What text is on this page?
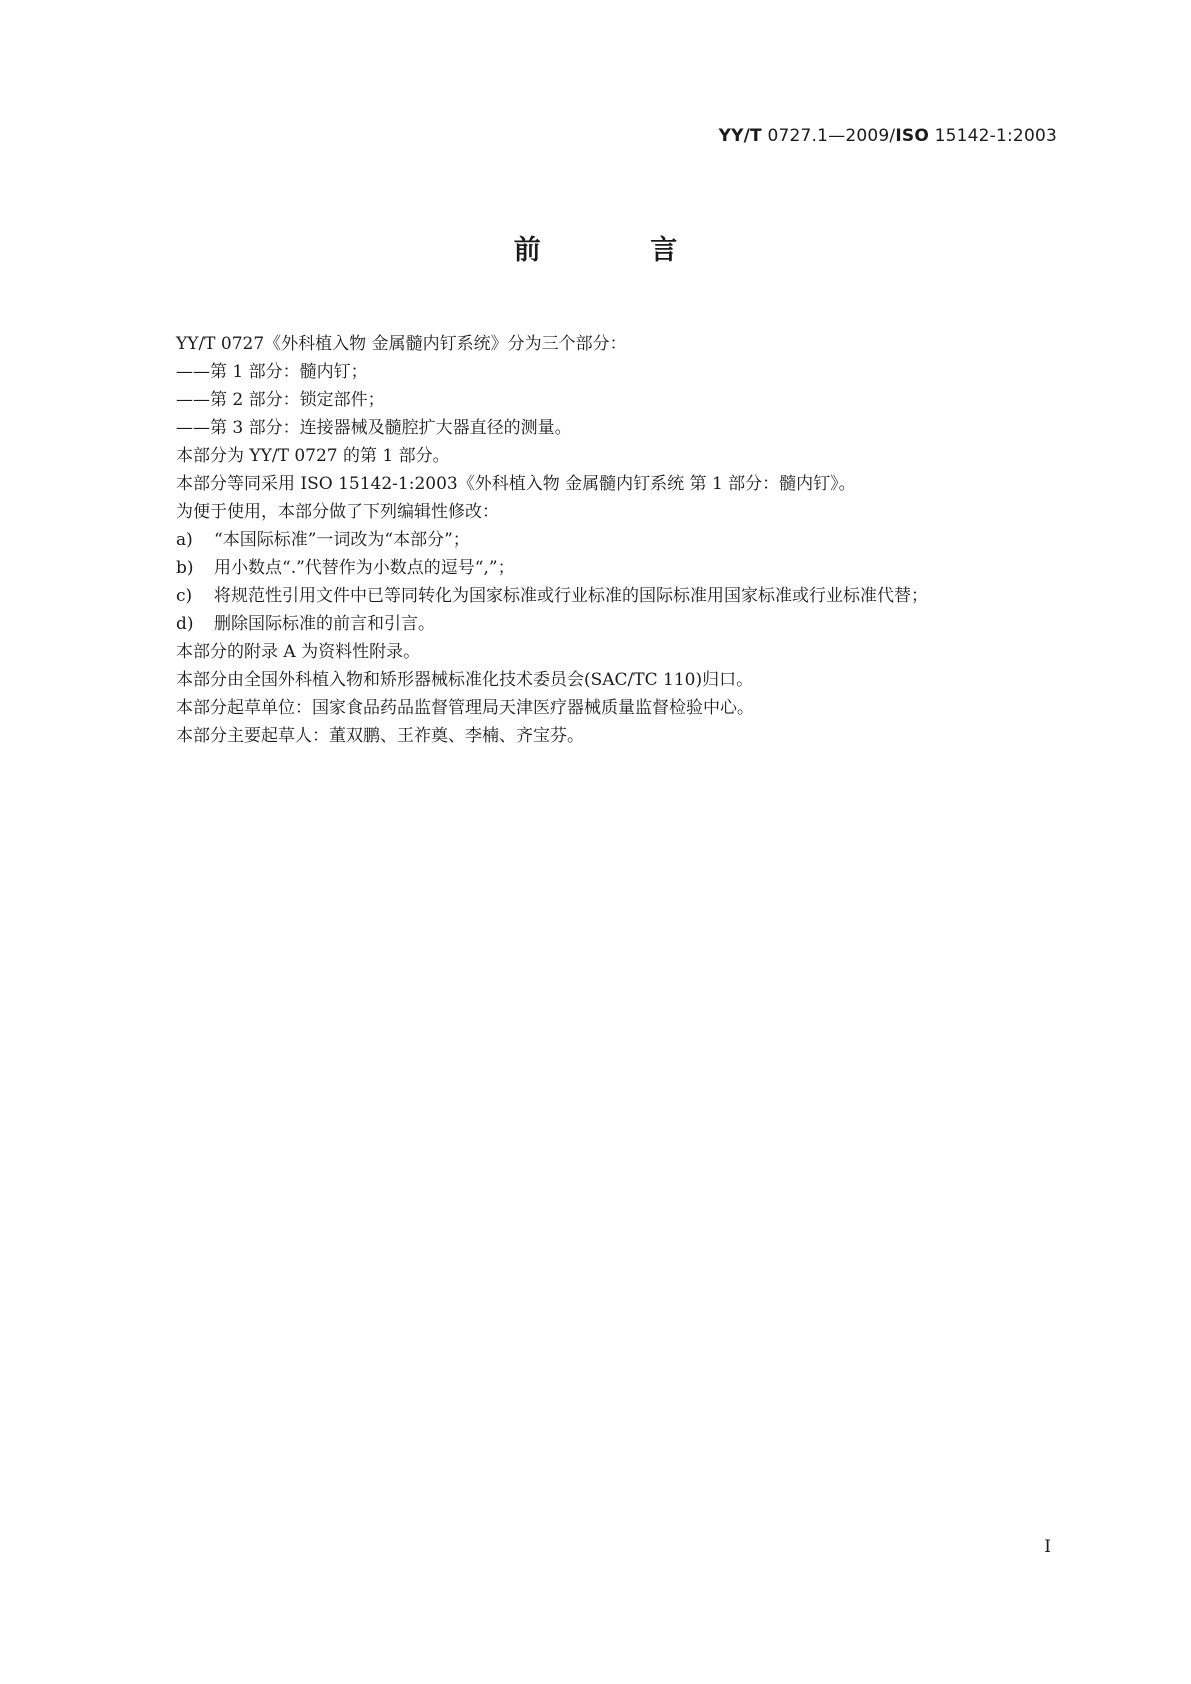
YY/T 0727.1—2009/ISO 15142-1:2003
前 言

YY/T 0727《外科植入物 金属髓内钉系统》分为三个部分：

——第 1 部分：髓内钉；

——第 2 部分：锁定部件；

——第 3 部分：连接器械及髓腔扩大器直径的测量。

本部分为 YY/T 0727 的第 1 部分。

本部分等同采用 ISO 15142-1:2003《外科植入物 金属髓内钉系统 第 1 部分：髓内钉》。

为便于使用，本部分做了下列编辑性修改：

a)	“本国际标准”一词改为“本部分”；
b)	用小数点“.”代替作为小数点的逗号“,”；
c)	将规范性引用文件中已等同转化为国家标准或行业标准的国际标准用国家标准或行业标准代替；
d)	删除国际标准的前言和引言。

本部分的附录 A 为资料性附录。

本部分由全国外科植入物和矫形器械标准化技术委员会(SAC/TC 110)归口。

本部分起草单位：国家食品药品监督管理局天津医疗器械质量监督检验中心。

本部分主要起草人：董双鹏、王祚奠、李楠、齐宝芬。

I
